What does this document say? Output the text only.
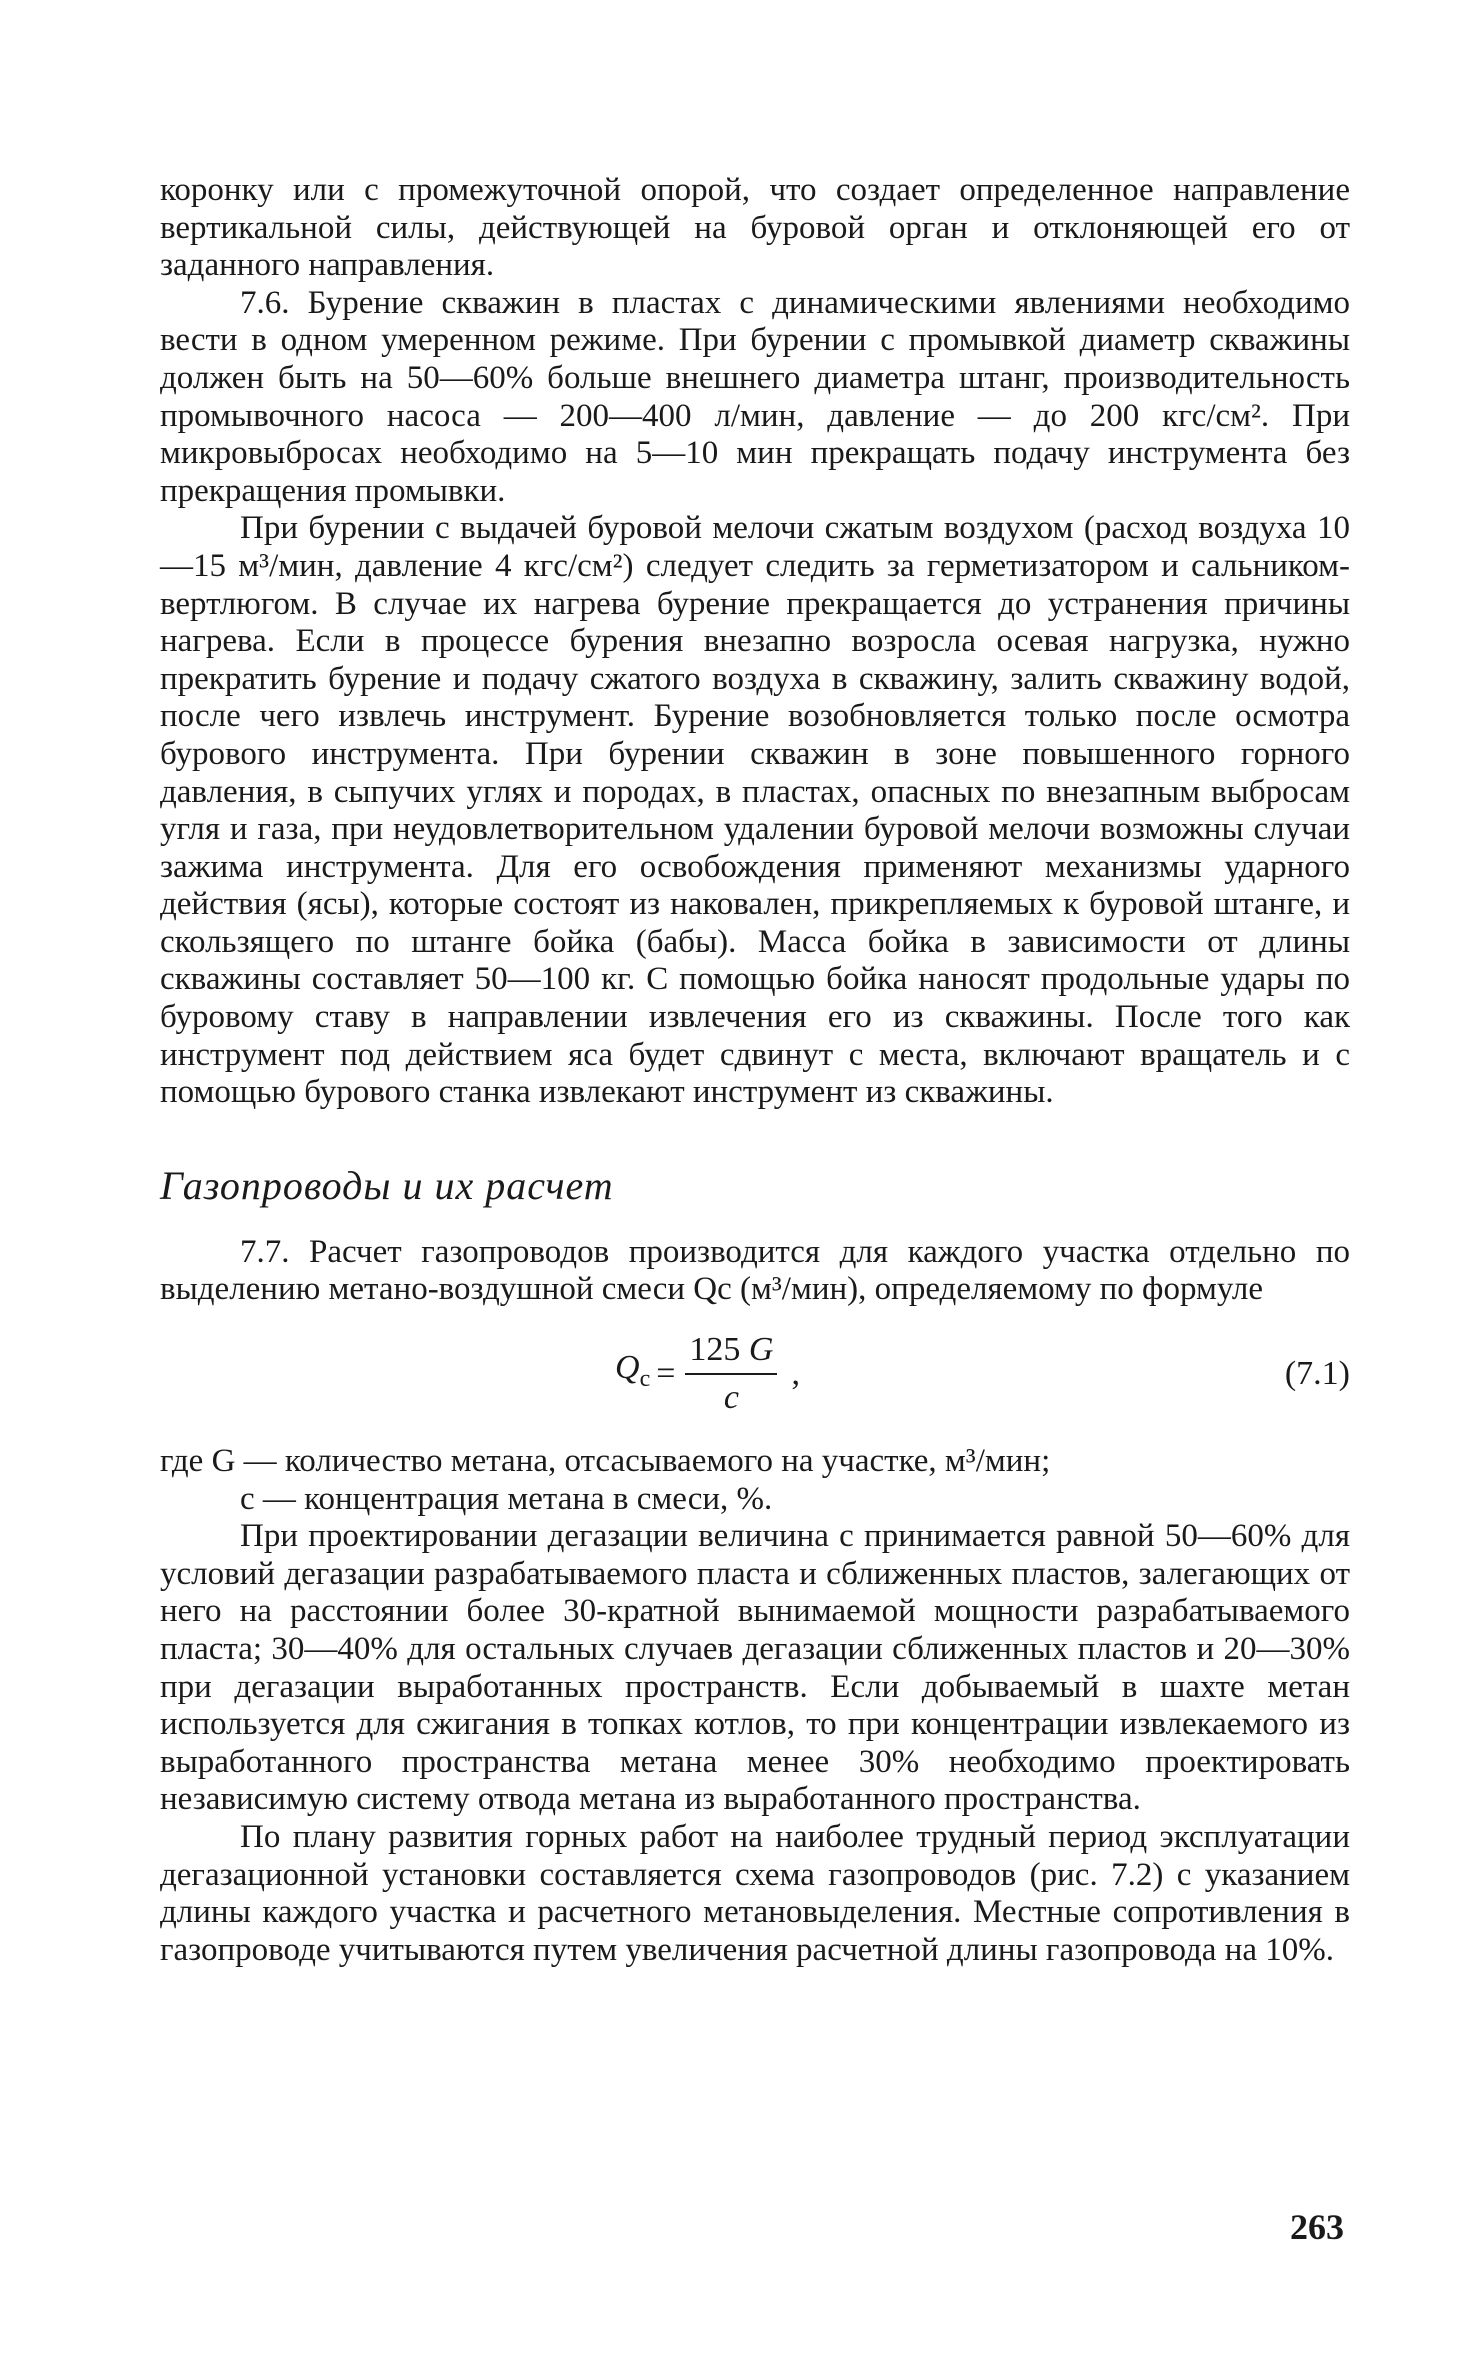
коронку или с промежуточной опорой, что создает определенное направление вертикальной силы, действующей на буровой орган и отклоняющей его от заданного направления.

7.6. Бурение скважин в пластах с динамическими явлениями необходимо вести в одном умеренном режиме. При бурении с промывкой диаметр скважины должен быть на 50—60% больше внешнего диаметра штанг, производительность промывочного насоса — 200—400 л/мин, давление — до 200 кгс/см². При микровыбросах необходимо на 5—10 мин прекращать подачу инструмента без прекращения промывки.

При бурении с выдачей буровой мелочи сжатым воздухом (расход воздуха 10—15 м³/мин, давление 4 кгс/см²) следует следить за герметизатором и сальником-вертлюгом. В случае их нагрева бурение прекращается до устранения причины нагрева. Если в процессе бурения внезапно возросла осевая нагрузка, нужно прекратить бурение и подачу сжатого воздуха в скважину, залить скважину водой, после чего извлечь инструмент. Бурение возобновляется только после осмотра бурового инструмента. При бурении скважин в зоне повышенного горного давления, в сыпучих углях и породах, в пластах, опасных по внезапным выбросам угля и газа, при неудовлетворительном удалении буровой мелочи возможны случаи зажима инструмента. Для его освобождения применяют механизмы ударного действия (ясы), которые состоят из наковален, прикрепляемых к буровой штанге, и скользящего по штанге бойка (бабы). Масса бойка в зависимости от длины скважины составляет 50—100 кг. С помощью бойка наносят продольные удары по буровому ставу в направлении извлечения его из скважины. После того как инструмент под действием яса будет сдвинут с места, включают вращатель и с помощью бурового станка извлекают инструмент из скважины.

Газопроводы и их расчет

7.7. Расчет газопроводов производится для каждого участка отдельно по выделению метано-воздушной смеси Qс (м³/мин), определяемому по формуле

$Q_с = \frac{125 G}{c}$ ,	(7.1)

где G — количество метана, отсасываемого на участке, м³/мин;

c — концентрация метана в смеси, %.

При проектировании дегазации величина c принимается равной 50—60% для условий дегазации разрабатываемого пласта и сближенных пластов, залегающих от него на расстоянии более 30-кратной вынимаемой мощности разрабатываемого пласта; 30—40% для остальных случаев дегазации сближенных пластов и 20—30% при дегазации выработанных пространств. Если добываемый в шахте метан используется для сжигания в топках котлов, то при концентрации извлекаемого из выработанного пространства метана менее 30% необходимо проектировать независимую систему отвода метана из выработанного пространства.

По плану развития горных работ на наиболее трудный период эксплуатации дегазационной установки составляется схема газопроводов (рис. 7.2) с указанием длины каждого участка и расчетного метановыделения. Местные сопротивления в газопроводе учитываются путем увеличения расчетной длины газопровода на 10%.

263
